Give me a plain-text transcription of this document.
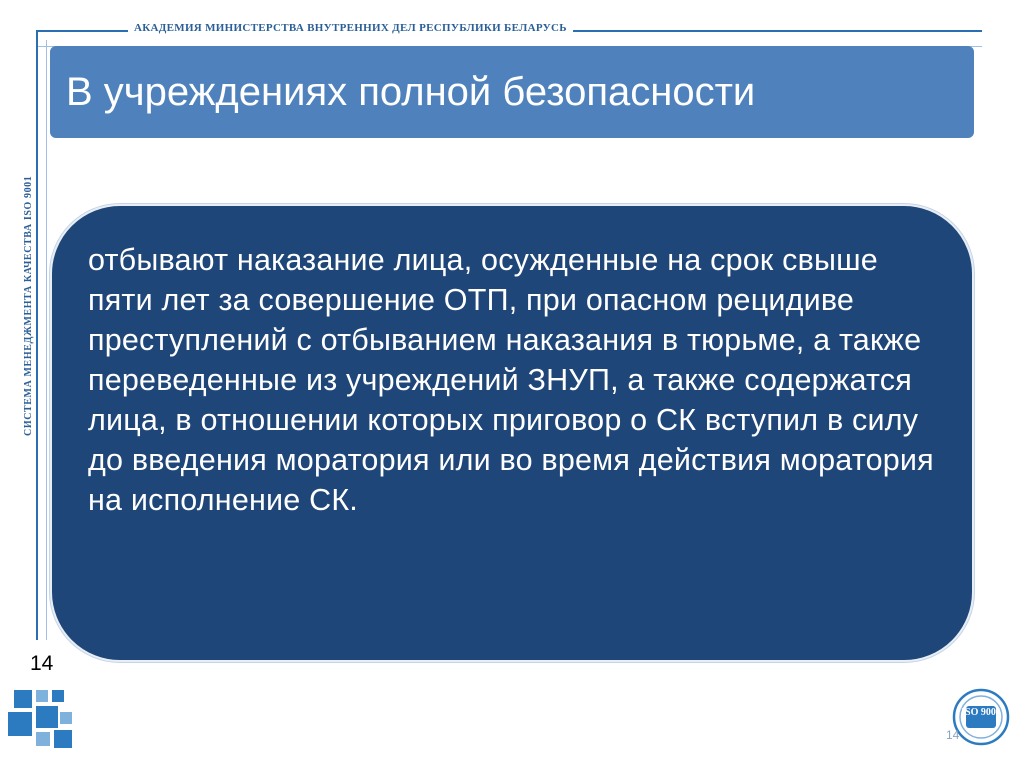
АКАДЕМИЯ МИНИСТЕРСТВА ВНУТРЕННИХ ДЕЛ РЕСПУБЛИКИ БЕЛАРУСЬ
СИСТЕМА МЕНЕДЖМЕНТА КАЧЕСТВА ISO 9001
В учреждениях полной безопасности
отбывают наказание лица, осужденные на срок свыше пяти лет за совершение ОТП, при опасном рецидиве преступлений с отбыванием наказания в тюрьме, а также переведенные из учреждений ЗНУП, а также содержатся лица, в отношении которых приговор о СК вступил в силу до введения моратория или во время действия моратория на исполнение СК.
14
ISO 9001
14
